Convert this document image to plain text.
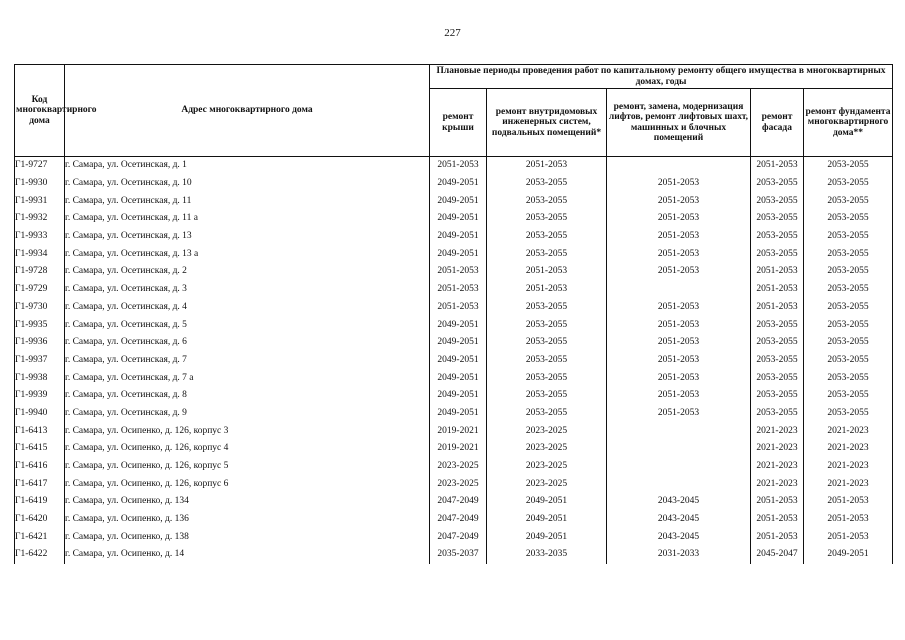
227
Код многоквартирного дома	Адрес многоквартирного дома	Плановые периоды проведения работ по капитальному ремонту общего имущества в многоквартирных домах, годы				
		ремонт крыши	ремонт внутридомовых инженерных систем, подвальных помещений*	ремонт, замена, модернизация лифтов, ремонт лифтовых шахт, машинных и блочных помещений	ремонт фасада	ремонт фундамента многоквартирного дома**
Г1-9727	г. Самара, ул. Осетинская, д. 1	2051-2053	2051-2053		2051-2053	2053-2055
Г1-9930	г. Самара, ул. Осетинская, д. 10	2049-2051	2053-2055	2051-2053	2053-2055	2053-2055
Г1-9931	г. Самара, ул. Осетинская, д. 11	2049-2051	2053-2055	2051-2053	2053-2055	2053-2055
Г1-9932	г. Самара, ул. Осетинская, д. 11 а	2049-2051	2053-2055	2051-2053	2053-2055	2053-2055
Г1-9933	г. Самара, ул. Осетинская, д. 13	2049-2051	2053-2055	2051-2053	2053-2055	2053-2055
Г1-9934	г. Самара, ул. Осетинская, д. 13 а	2049-2051	2053-2055	2051-2053	2053-2055	2053-2055
Г1-9728	г. Самара, ул. Осетинская, д. 2	2051-2053	2051-2053	2051-2053	2051-2053	2053-2055
Г1-9729	г. Самара, ул. Осетинская, д. 3	2051-2053	2051-2053		2051-2053	2053-2055
Г1-9730	г. Самара, ул. Осетинская, д. 4	2051-2053	2053-2055	2051-2053	2051-2053	2053-2055
Г1-9935	г. Самара, ул. Осетинская, д. 5	2049-2051	2053-2055	2051-2053	2053-2055	2053-2055
Г1-9936	г. Самара, ул. Осетинская, д. 6	2049-2051	2053-2055	2051-2053	2053-2055	2053-2055
Г1-9937	г. Самара, ул. Осетинская, д. 7	2049-2051	2053-2055	2051-2053	2053-2055	2053-2055
Г1-9938	г. Самара, ул. Осетинская, д. 7 а	2049-2051	2053-2055	2051-2053	2053-2055	2053-2055
Г1-9939	г. Самара, ул. Осетинская, д. 8	2049-2051	2053-2055	2051-2053	2053-2055	2053-2055
Г1-9940	г. Самара, ул. Осетинская, д. 9	2049-2051	2053-2055	2051-2053	2053-2055	2053-2055
Г1-6413	г. Самара, ул. Осипенко, д. 126, корпус 3	2019-2021	2023-2025		2021-2023	2021-2023
Г1-6415	г. Самара, ул. Осипенко, д. 126, корпус 4	2019-2021	2023-2025		2021-2023	2021-2023
Г1-6416	г. Самара, ул. Осипенко, д. 126, корпус 5	2023-2025	2023-2025		2021-2023	2021-2023
Г1-6417	г. Самара, ул. Осипенко, д. 126, корпус 6	2023-2025	2023-2025		2021-2023	2021-2023
Г1-6419	г. Самара, ул. Осипенко, д. 134	2047-2049	2049-2051	2043-2045	2051-2053	2051-2053
Г1-6420	г. Самара, ул. Осипенко, д. 136	2047-2049	2049-2051	2043-2045	2051-2053	2051-2053
Г1-6421	г. Самара, ул. Осипенко, д. 138	2047-2049	2049-2051	2043-2045	2051-2053	2051-2053
Г1-6422	г. Самара, ул. Осипенко, д. 14	2035-2037	2033-2035	2031-2033	2045-2047	2049-2051
